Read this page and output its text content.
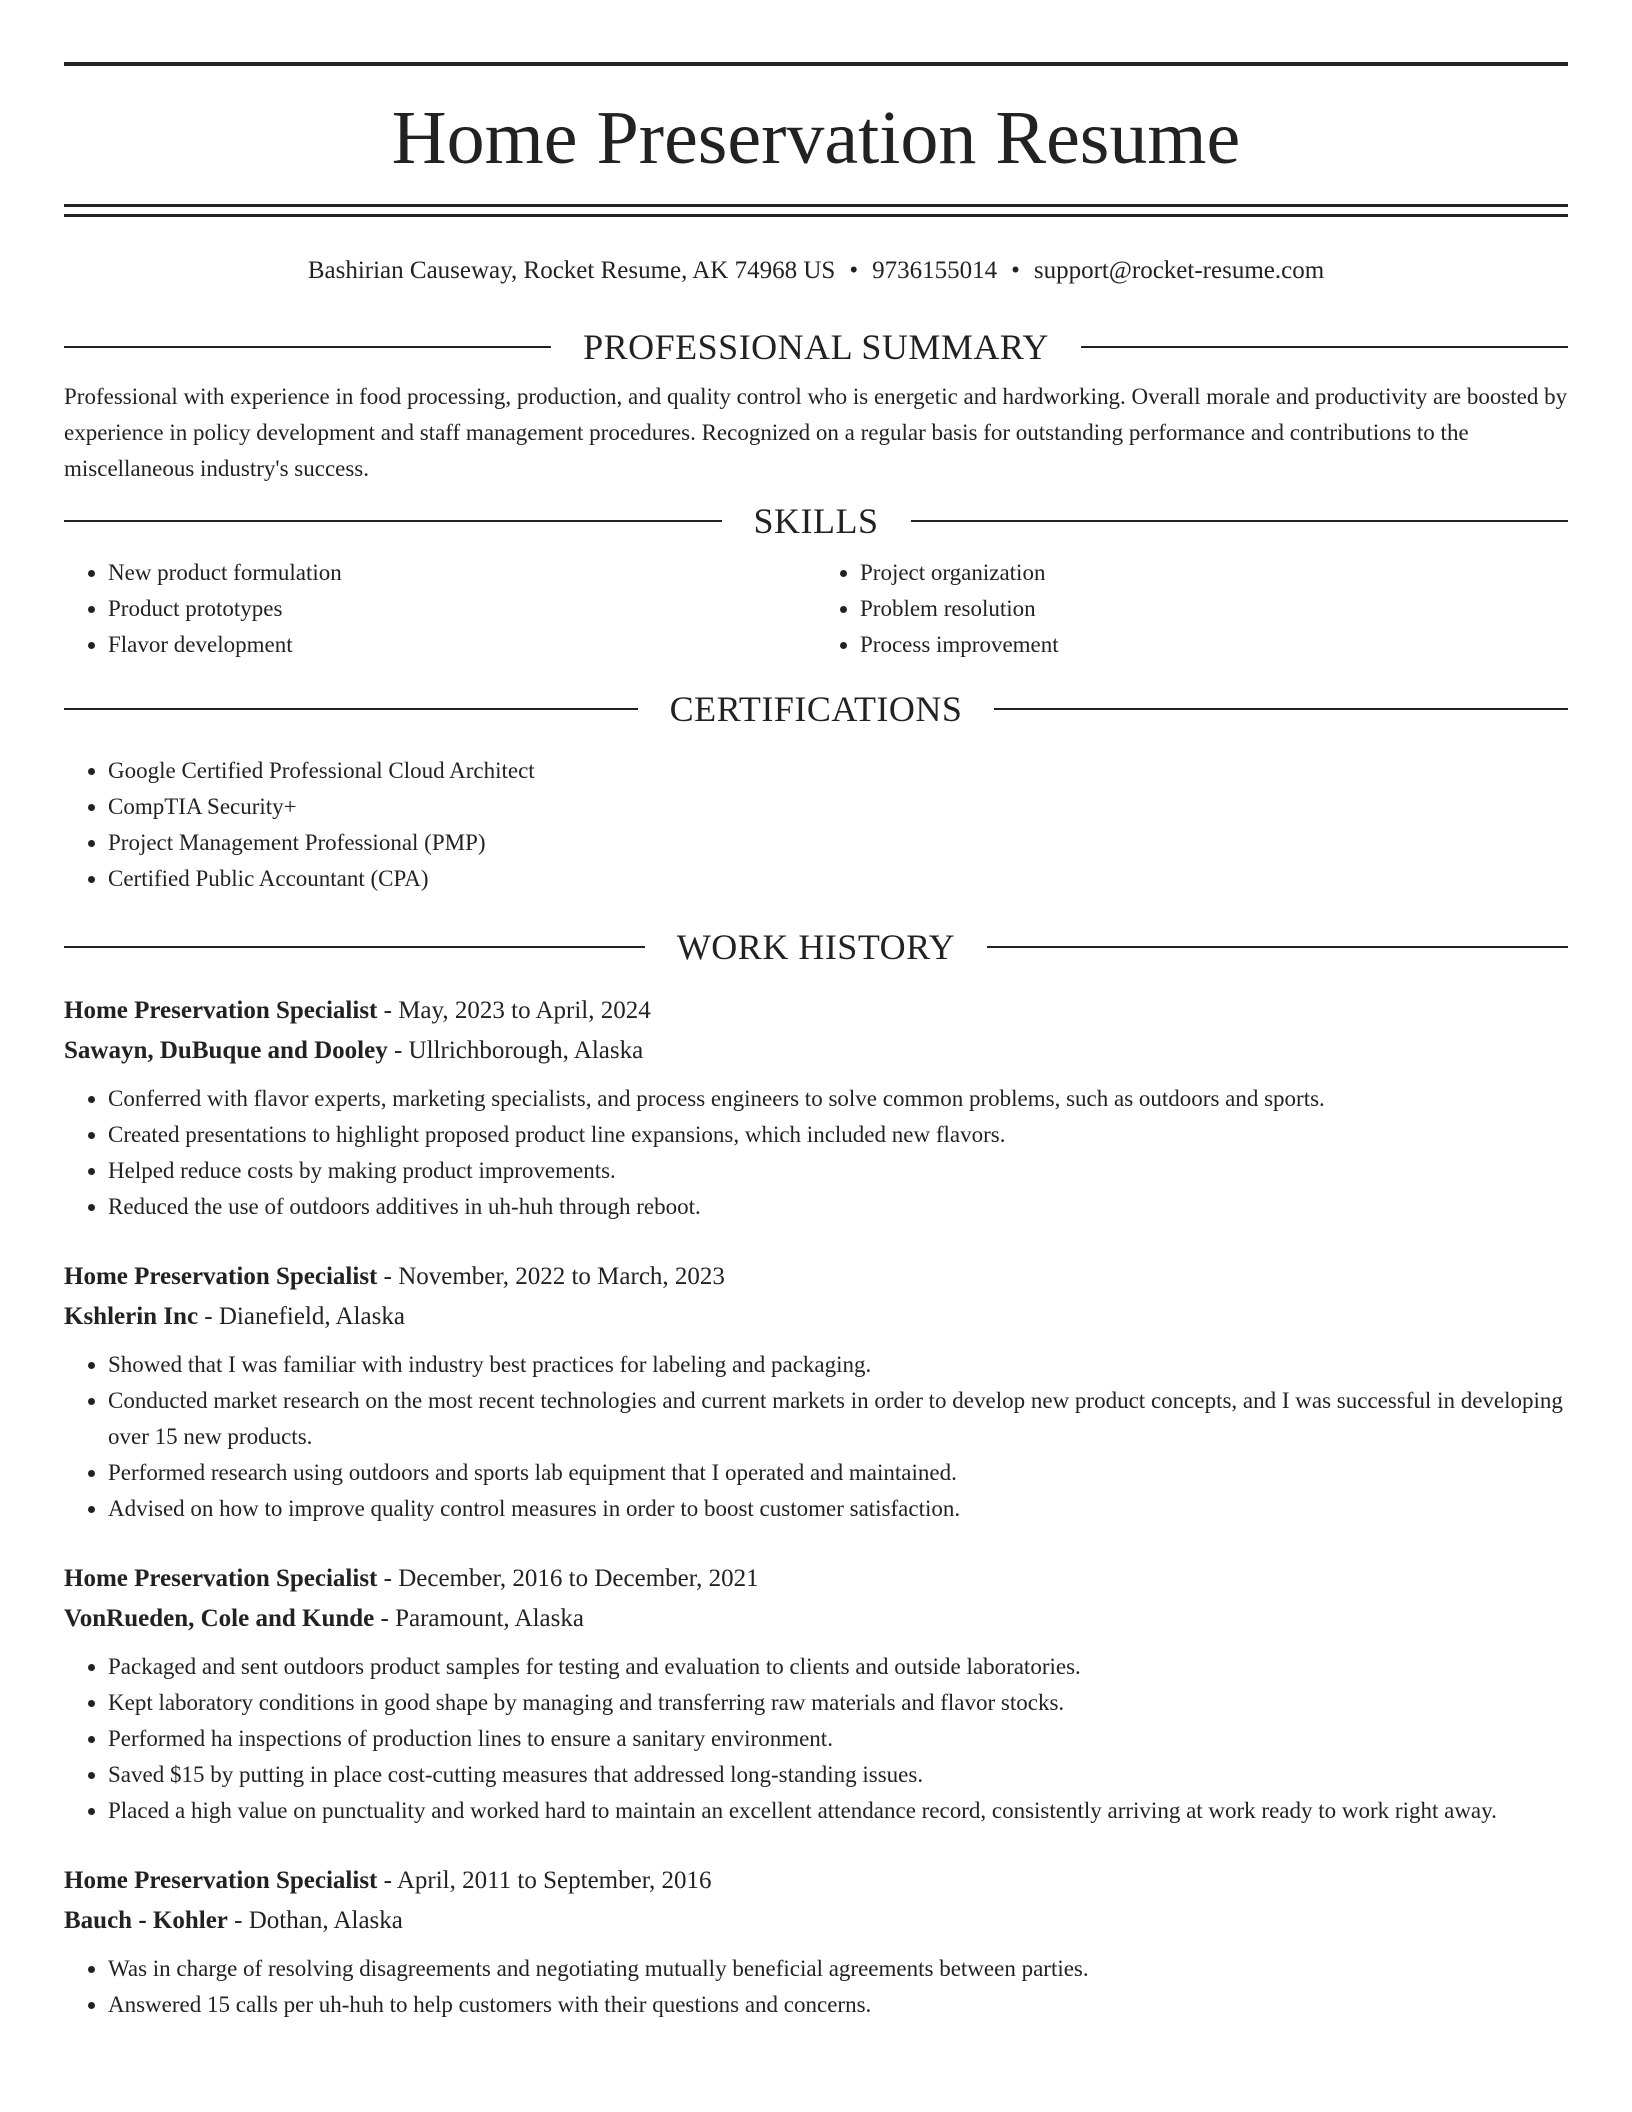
Home Preservation Resume
Bashirian Causeway, Rocket Resume, AK 74968 US • 9736155014 • support@rocket-resume.com
PROFESSIONAL SUMMARY

Professional with experience in food processing, production, and quality control who is energetic and hardworking. Overall morale and productivity are boosted by experience in policy development and staff management procedures. Recognized on a regular basis for outstanding performance and contributions to the miscellaneous industry's success.

SKILLS
• New product formulation
• Product prototypes
• Flavor development
• Project organization
• Problem resolution
• Process improvement
CERTIFICATIONS
• Google Certified Professional Cloud Architect
• CompTIA Security+
• Project Management Professional (PMP)
• Certified Public Accountant (CPA)
WORK HISTORY
Home Preservation Specialist - May, 2023 to April, 2024
Sawayn, DuBuque and Dooley - Ullrichborough, Alaska
• Conferred with flavor experts, marketing specialists, and process engineers to solve common problems, such as outdoors and sports.
• Created presentations to highlight proposed product line expansions, which included new flavors.
• Helped reduce costs by making product improvements.
• Reduced the use of outdoors additives in uh-huh through reboot.
Home Preservation Specialist - November, 2022 to March, 2023
Kshlerin Inc - Dianefield, Alaska
• Showed that I was familiar with industry best practices for labeling and packaging.
• Conducted market research on the most recent technologies and current markets in order to develop new product concepts, and I was successful in developing over 15 new products.
• Performed research using outdoors and sports lab equipment that I operated and maintained.
• Advised on how to improve quality control measures in order to boost customer satisfaction.
Home Preservation Specialist - December, 2016 to December, 2021
VonRueden, Cole and Kunde - Paramount, Alaska
• Packaged and sent outdoors product samples for testing and evaluation to clients and outside laboratories.
• Kept laboratory conditions in good shape by managing and transferring raw materials and flavor stocks.
• Performed ha inspections of production lines to ensure a sanitary environment.
• Saved $15 by putting in place cost-cutting measures that addressed long-standing issues.
• Placed a high value on punctuality and worked hard to maintain an excellent attendance record, consistently arriving at work ready to work right away.
Home Preservation Specialist - April, 2011 to September, 2016
Bauch - Kohler - Dothan, Alaska
• Was in charge of resolving disagreements and negotiating mutually beneficial agreements between parties.
• Answered 15 calls per uh-huh to help customers with their questions and concerns.
